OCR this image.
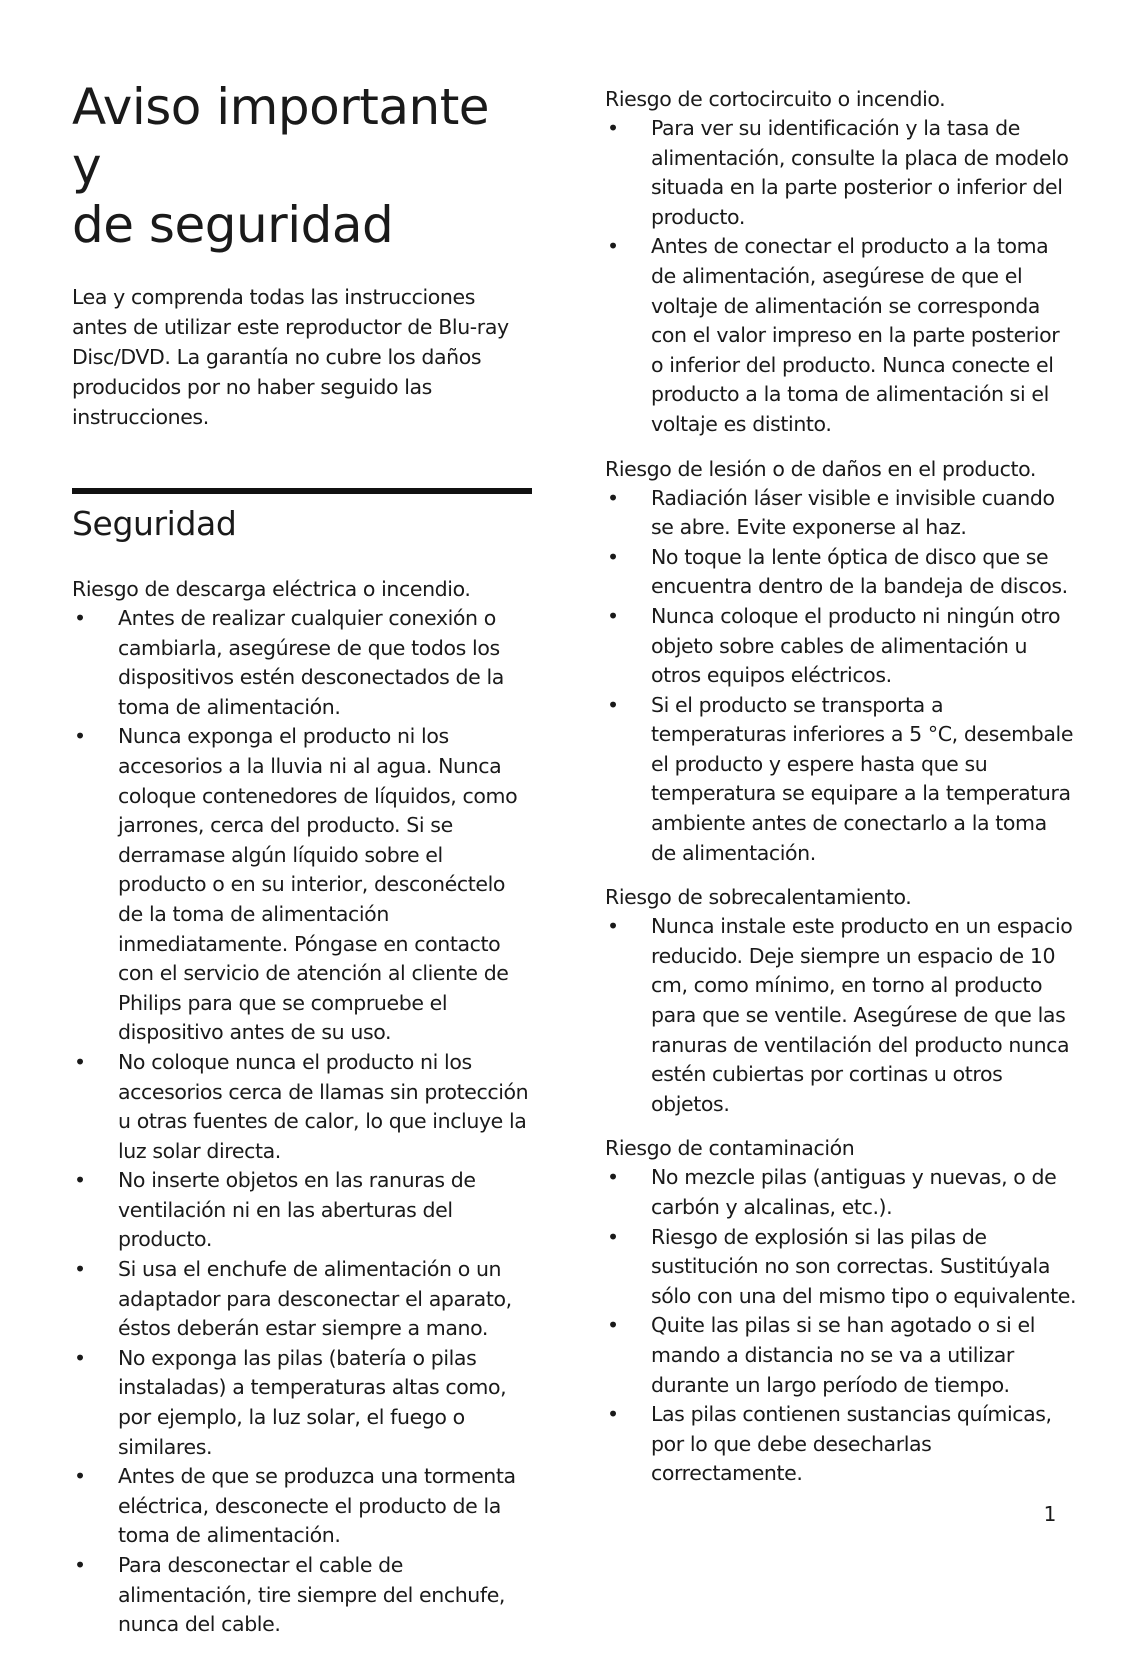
Aviso importante y
de seguridad

Lea y comprenda todas las instrucciones antes de utilizar este reproductor de Blu-ray Disc/DVD. La garantía no cubre los daños producidos por no haber seguido las instrucciones.

Seguridad

Riesgo de descarga eléctrica o incendio.

• Antes de realizar cualquier conexión o cambiarla, asegúrese de que todos los dispositivos estén desconectados de la toma de alimentación.
• Nunca exponga el producto ni los accesorios a la lluvia ni al agua. Nunca coloque contenedores de líquidos, como jarrones, cerca del producto. Si se derramase algún líquido sobre el producto o en su interior, desconéctelo de la toma de alimentación inmediatamente. Póngase en contacto con el servicio de atención al cliente de Philips para que se compruebe el dispositivo antes de su uso.
• No coloque nunca el producto ni los accesorios cerca de llamas sin protección u otras fuentes de calor, lo que incluye la luz solar directa.
• No inserte objetos en las ranuras de ventilación ni en las aberturas del producto.
• Si usa el enchufe de alimentación o un adaptador para desconectar el aparato, éstos deberán estar siempre a mano.
• No exponga las pilas (batería o pilas instaladas) a temperaturas altas como, por ejemplo, la luz solar, el fuego o similares.
• Antes de que se produzca una tormenta eléctrica, desconecte el producto de la toma de alimentación.
• Para desconectar el cable de alimentación, tire siempre del enchufe, nunca del cable.

Riesgo de cortocircuito o incendio.

• Para ver su identificación y la tasa de alimentación, consulte la placa de modelo situada en la parte posterior o inferior del producto.
• Antes de conectar el producto a la toma de alimentación, asegúrese de que el voltaje de alimentación se corresponda con el valor impreso en la parte posterior o inferior del producto. Nunca conecte el producto a la toma de alimentación si el voltaje es distinto.

Riesgo de lesión o de daños en el producto.

• Radiación láser visible e invisible cuando se abre. Evite exponerse al haz.
• No toque la lente óptica de disco que se encuentra dentro de la bandeja de discos.
• Nunca coloque el producto ni ningún otro objeto sobre cables de alimentación u otros equipos eléctricos.
• Si el producto se transporta a temperaturas inferiores a 5 °C, desembale el producto y espere hasta que su temperatura se equipare a la temperatura ambiente antes de conectarlo a la toma de alimentación.

Riesgo de sobrecalentamiento.

• Nunca instale este producto en un espacio reducido. Deje siempre un espacio de 10 cm, como mínimo, en torno al producto para que se ventile. Asegúrese de que las ranuras de ventilación del producto nunca estén cubiertas por cortinas u otros objetos.

Riesgo de contaminación

• No mezcle pilas (antiguas y nuevas, o de carbón y alcalinas, etc.).
• Riesgo de explosión si las pilas de sustitución no son correctas. Sustitúyala sólo con una del mismo tipo o equivalente.
• Quite las pilas si se han agotado o si el mando a distancia no se va a utilizar durante un largo período de tiempo.
• Las pilas contienen sustancias químicas, por lo que debe desecharlas correctamente.
1
